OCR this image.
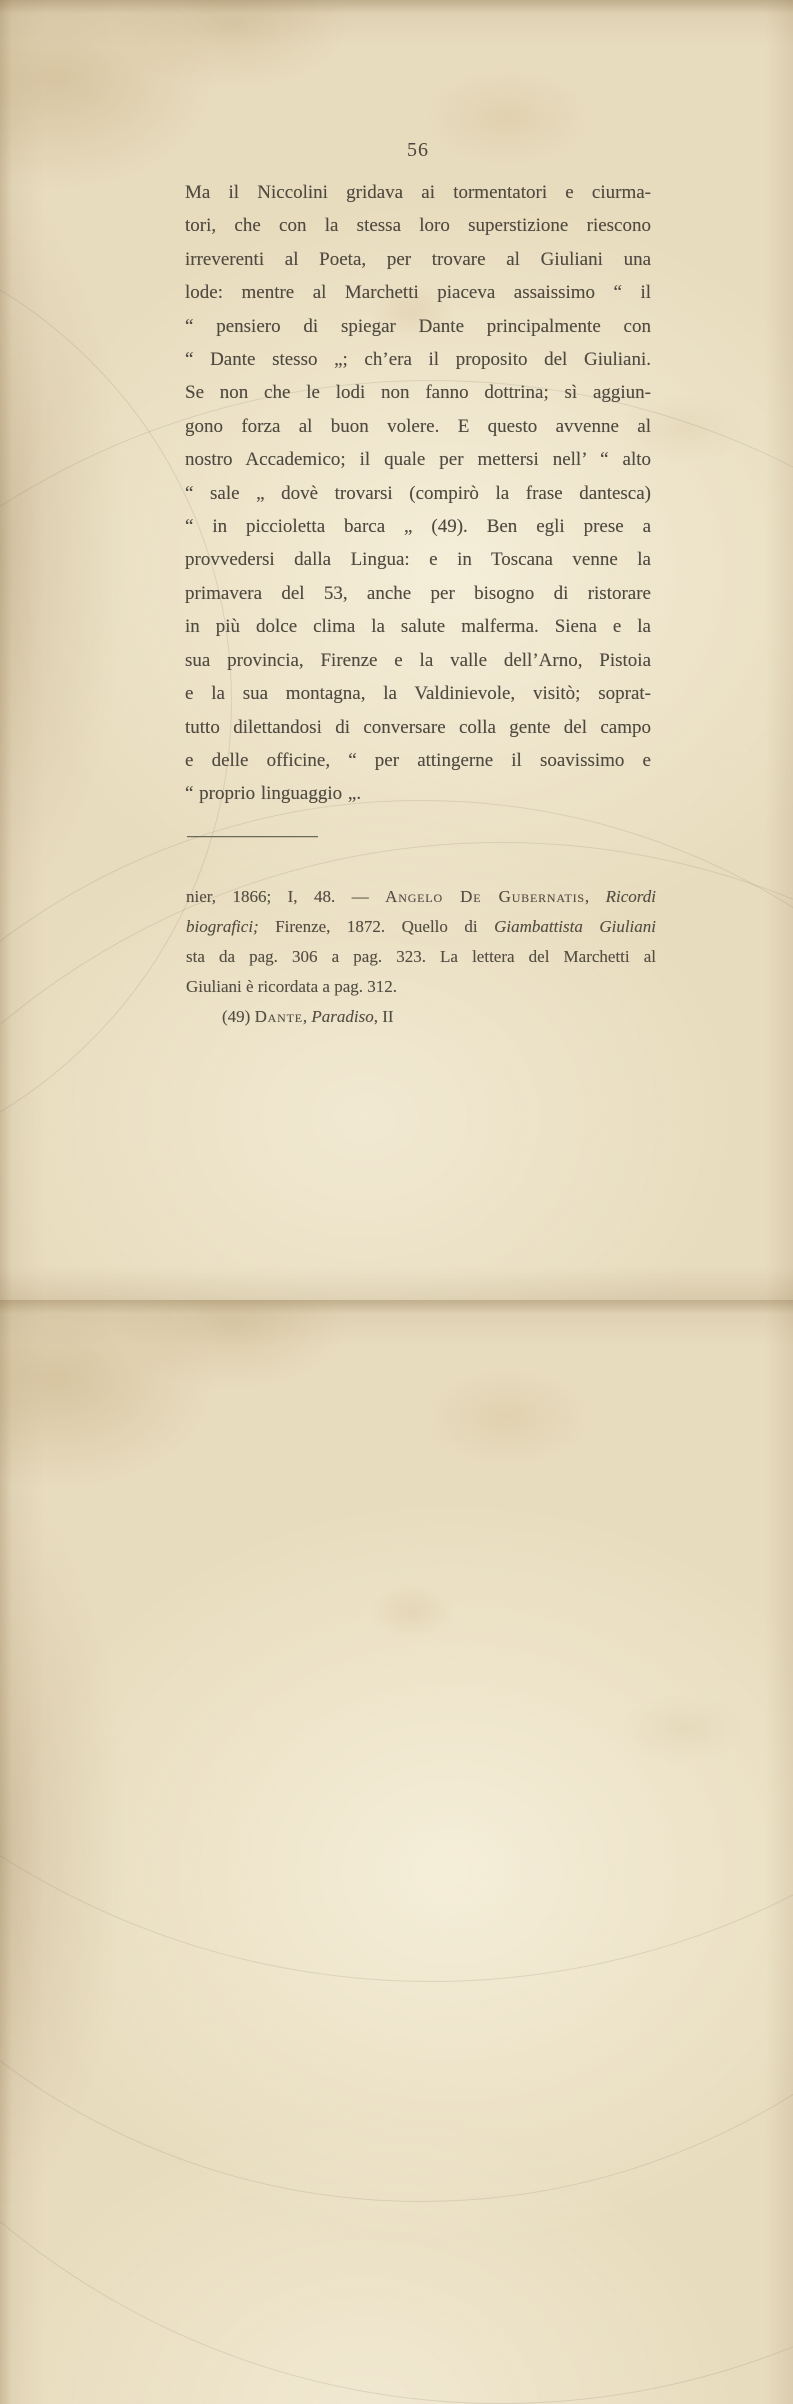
56
Ma il Niccolini gridava ai tormentatori e ciurma-
tori, che con la stessa loro superstizione riescono
irreverenti al Poeta, per trovare al Giuliani una
lode: mentre al Marchetti piaceva assaissimo “ il
“ pensiero di spiegar Dante principalmente con
“ Dante stesso „; ch’era il proposito del Giuliani.
Se non che le lodi non fanno dottrina; sì aggiun-
gono forza al buon volere. E questo avvenne al
nostro Accademico; il quale per mettersi nell’ “ alto
“ sale „ dovè trovarsi (compirò la frase dantesca)
“ in piccioletta barca „ (49). Ben egli prese a
provvedersi dalla Lingua: e in Toscana venne la
primavera del 53, anche per bisogno di ristorare
in più dolce clima la salute malferma. Siena e la
sua provincia, Firenze e la valle dell’Arno, Pistoia
e la sua montagna, la Valdinievole, visitò; soprat-
tutto dilettandosi di conversare colla gente del campo
e delle officine, “ per attingerne il soavissimo e
“ proprio linguaggio „.
nier, 1866; I, 48. — Angelo De Gubernatis, Ricordi
biografici; Firenze, 1872. Quello di Giambattista Giuliani
sta da pag. 306 a pag. 323. La lettera del Marchetti al
Giuliani è ricordata a pag. 312.
(49) Dante, Paradiso, II
